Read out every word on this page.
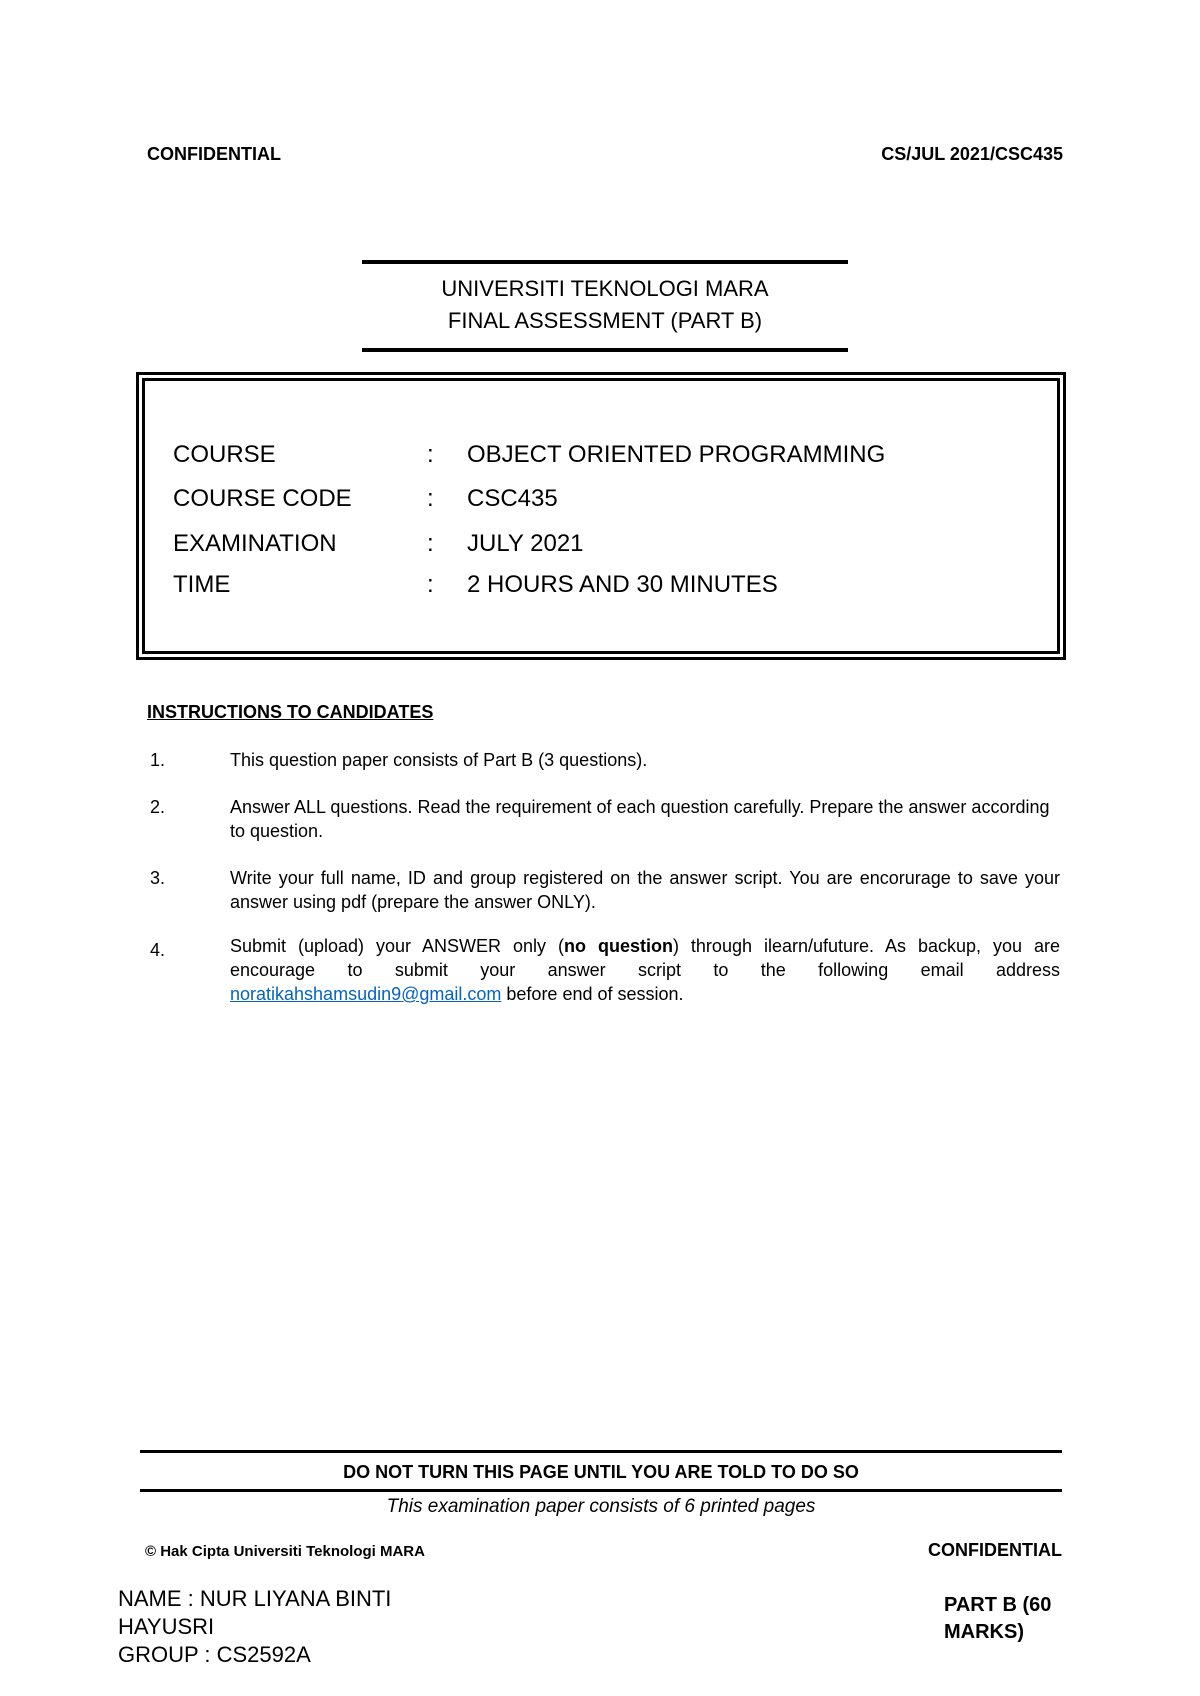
CONFIDENTIAL	CS/JUL 2021/CSC435
UNIVERSITI TEKNOLOGI MARA
FINAL ASSESSMENT (PART B)
COURSE	: OBJECT ORIENTED PROGRAMMING
COURSE CODE	: CSC435
EXAMINATION	: JULY 2021
TIME	: 2 HOURS AND 30 MINUTES
INSTRUCTIONS TO CANDIDATES
1.	This question paper consists of Part B (3 questions).
2.	Answer ALL questions. Read the requirement of each question carefully. Prepare the answer according to question.
3.	Write your full name, ID and group registered on the answer script. You are encorurage to save your answer using pdf (prepare the answer ONLY).
4.	Submit (upload) your ANSWER only (no question) through ilearn/ufuture. As backup, you are encourage to submit your answer script to the following email address noratikahshamsudin9@gmail.com before end of session.
DO NOT TURN THIS PAGE UNTIL YOU ARE TOLD TO DO SO
This examination paper consists of 6 printed pages
© Hak Cipta Universiti Teknologi MARA	CONFIDENTIAL
NAME : NUR LIYANA BINTI
HAYUSRI
GROUP : CS2592A
PART B (60
MARKS)
